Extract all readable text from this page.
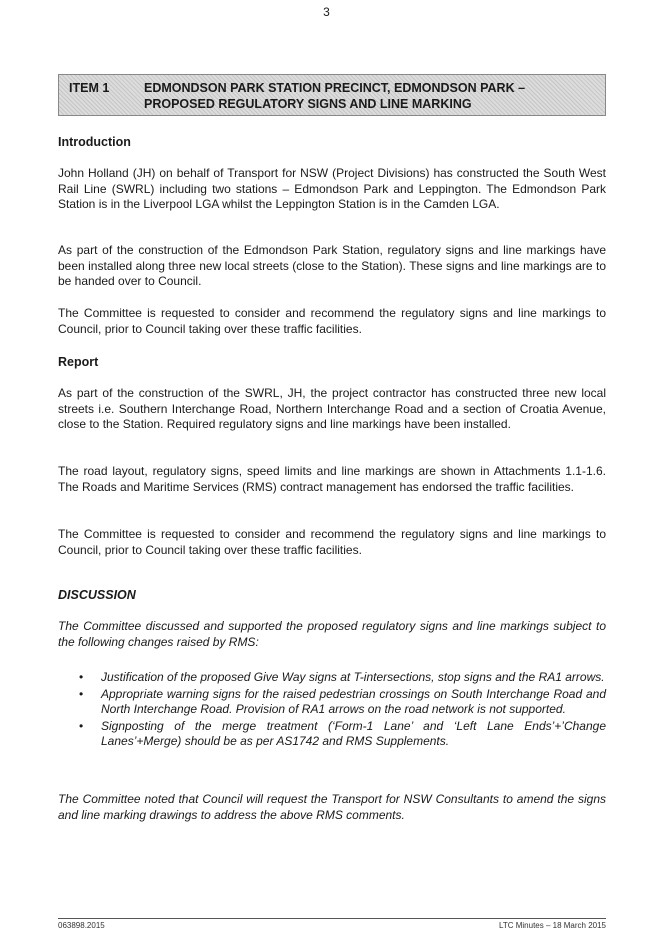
3
ITEM 1	EDMONDSON PARK STATION PRECINCT, EDMONDSON PARK –
PROPOSED REGULATORY SIGNS AND LINE MARKING
Introduction

John Holland (JH) on behalf of Transport for NSW (Project Divisions) has constructed the South West Rail Line (SWRL) including two stations – Edmondson Park and Leppington. The Edmondson Park Station is in the Liverpool LGA whilst the Leppington Station is in the Camden LGA.

As part of the construction of the Edmondson Park Station, regulatory signs and line markings have been installed along three new local streets (close to the Station). These signs and line markings are to be handed over to Council.

The Committee is requested to consider and recommend the regulatory signs and line markings to Council, prior to Council taking over these traffic facilities.

Report

As part of the construction of the SWRL, JH, the project contractor has constructed three new local streets i.e. Southern Interchange Road, Northern Interchange Road and a section of Croatia Avenue, close to the Station. Required regulatory signs and line markings have been installed.

The road layout, regulatory signs, speed limits and line markings are shown in Attachments 1.1-1.6. The Roads and Maritime Services (RMS) contract management has endorsed the traffic facilities.

The Committee is requested to consider and recommend the regulatory signs and line markings to Council, prior to Council taking over these traffic facilities.

DISCUSSION

The Committee discussed and supported the proposed regulatory signs and line markings subject to the following changes raised by RMS:

• Justification of the proposed Give Way signs at T-intersections, stop signs and the RA1 arrows.
• Appropriate warning signs for the raised pedestrian crossings on South Interchange Road and North Interchange Road. Provision of RA1 arrows on the road network is not supported.
• Signposting of the merge treatment (‘Form-1 Lane’ and ‘Left Lane Ends’+’Change Lanes’+Merge) should be as per AS1742 and RMS Supplements.

The Committee noted that Council will request the Transport for NSW Consultants to amend the signs and line marking drawings to address the above RMS comments.

063898.2015	LTC Minutes – 18 March 2015
